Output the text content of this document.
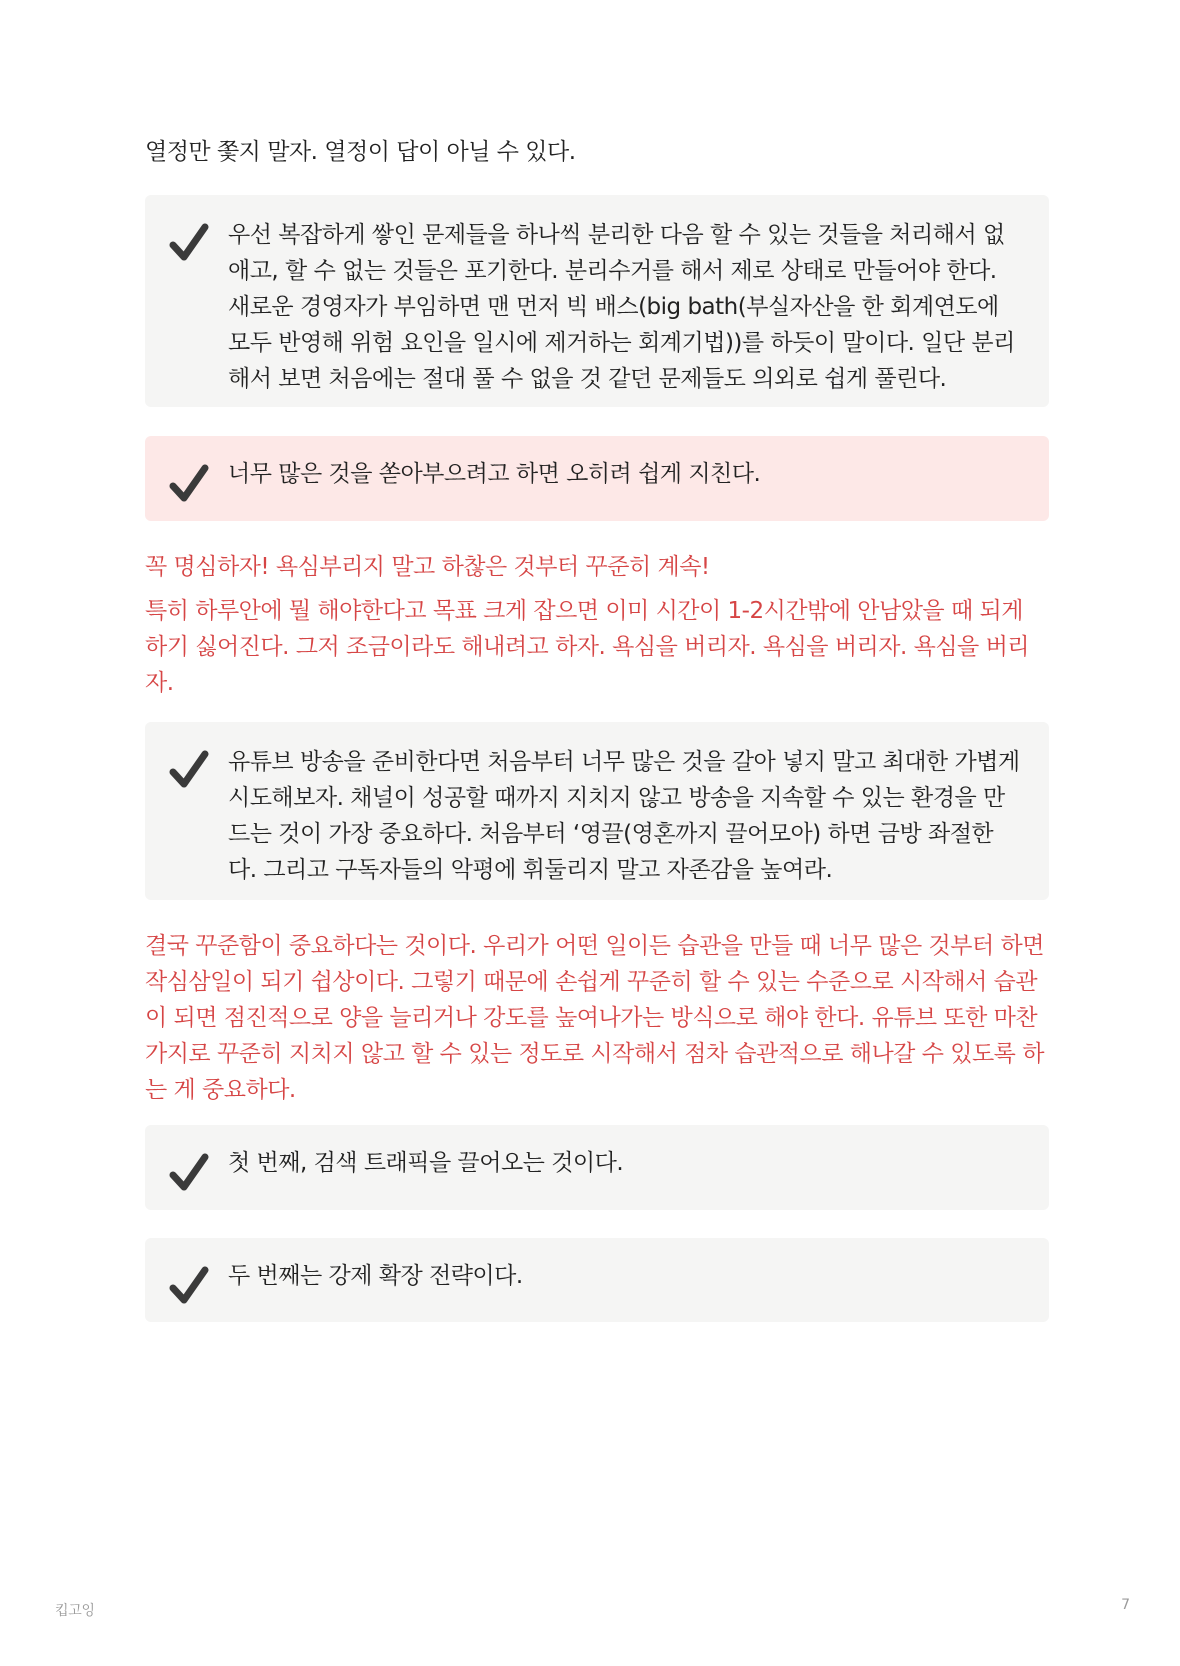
열정만 쫓지 말자. 열정이 답이 아닐 수 있다.

우선 복잡하게 쌓인 문제들을 하나씩 분리한 다음 할 수 있는 것들을 처리해서 없애고, 할 수 없는 것들은 포기한다. 분리수거를 해서 제로 상태로 만들어야 한다. 새로운 경영자가 부임하면 맨 먼저 빅 배스(big bath(부실자산을 한 회계연도에 모두 반영해 위험 요인을 일시에 제거하는 회계기법))를 하듯이 말이다. 일단 분리해서 보면 처음에는 절대 풀 수 없을 것 같던 문제들도 의외로 쉽게 풀린다.
너무 많은 것을 쏟아부으려고 하면 오히려 쉽게 지친다.

꼭 명심하자! 욕심부리지 말고 하찮은 것부터 꾸준히 계속!

특히 하루안에 뭘 해야한다고 목표 크게 잡으면 이미 시간이 1-2시간밖에 안남았을 때 되게 하기 싫어진다. 그저 조금이라도 해내려고 하자. 욕심을 버리자. 욕심을 버리자. 욕심을 버리자.

유튜브 방송을 준비한다면 처음부터 너무 많은 것을 갈아 넣지 말고 최대한 가볍게 시도해보자. 채널이 성공할 때까지 지치지 않고 방송을 지속할 수 있는 환경을 만드는 것이 가장 중요하다. 처음부터 ‘영끌(영혼까지 끌어모아) 하면 금방 좌절한다. 그리고 구독자들의 악평에 휘둘리지 말고 자존감을 높여라.

결국 꾸준함이 중요하다는 것이다. 우리가 어떤 일이든 습관을 만들 때 너무 많은 것부터 하면 작심삼일이 되기 쉽상이다. 그렇기 때문에 손쉽게 꾸준히 할 수 있는 수준으로 시작해서 습관이 되면 점진적으로 양을 늘리거나 강도를 높여나가는 방식으로 해야 한다. 유튜브 또한 마찬가지로 꾸준히 지치지 않고 할 수 있는 정도로 시작해서 점차 습관적으로 해나갈 수 있도록 하는 게 중요하다.

첫 번째, 검색 트래픽을 끌어오는 것이다.
두 번째는 강제 확장 전략이다.
킵고잉	7
